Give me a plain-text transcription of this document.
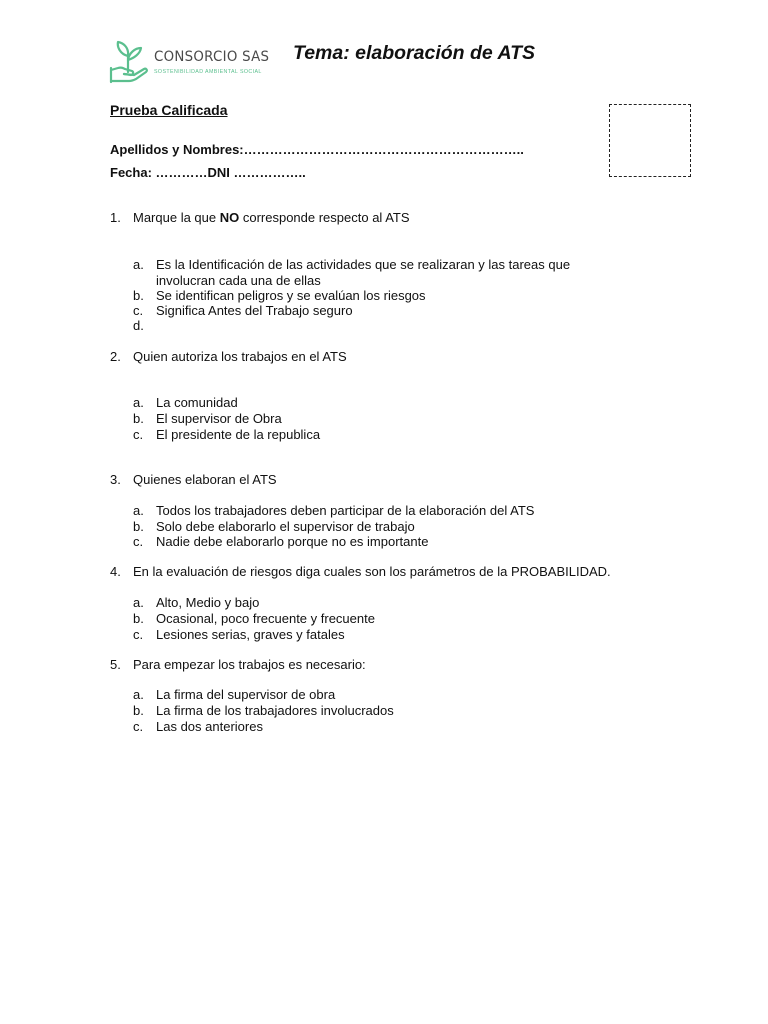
CONSORCIO SAS
SOSTENIBILIDAD AMBIENTAL SOCIAL
Tema: elaboración de ATS
Prueba Calificada
Apellidos y Nombres:………………………………………………………..
Fecha: …………DNI ……………..
1. Marque la que NO corresponde respecto al ATS
a. Es la Identificación de las actividades que se realizaran y las tareas que
involucran cada una de ellas
b. Se identifican peligros y se evalúan los riesgos
c. Significa Antes del Trabajo seguro
d.
2. Quien autoriza los trabajos en el ATS
a. La comunidad
b. El supervisor de Obra
c. El presidente de la republica
3. Quienes elaboran el ATS
a. Todos los trabajadores deben participar de la elaboración del ATS
b. Solo debe elaborarlo el supervisor de trabajo
c. Nadie debe elaborarlo porque no es importante
4. En la evaluación de riesgos diga cuales son los parámetros de la PROBABILIDAD.
a. Alto, Medio y bajo
b. Ocasional, poco frecuente y frecuente
c. Lesiones serias, graves y fatales
5. Para empezar los trabajos es necesario:
a. La firma del supervisor de obra
b. La firma de los trabajadores involucrados
c. Las dos anteriores
